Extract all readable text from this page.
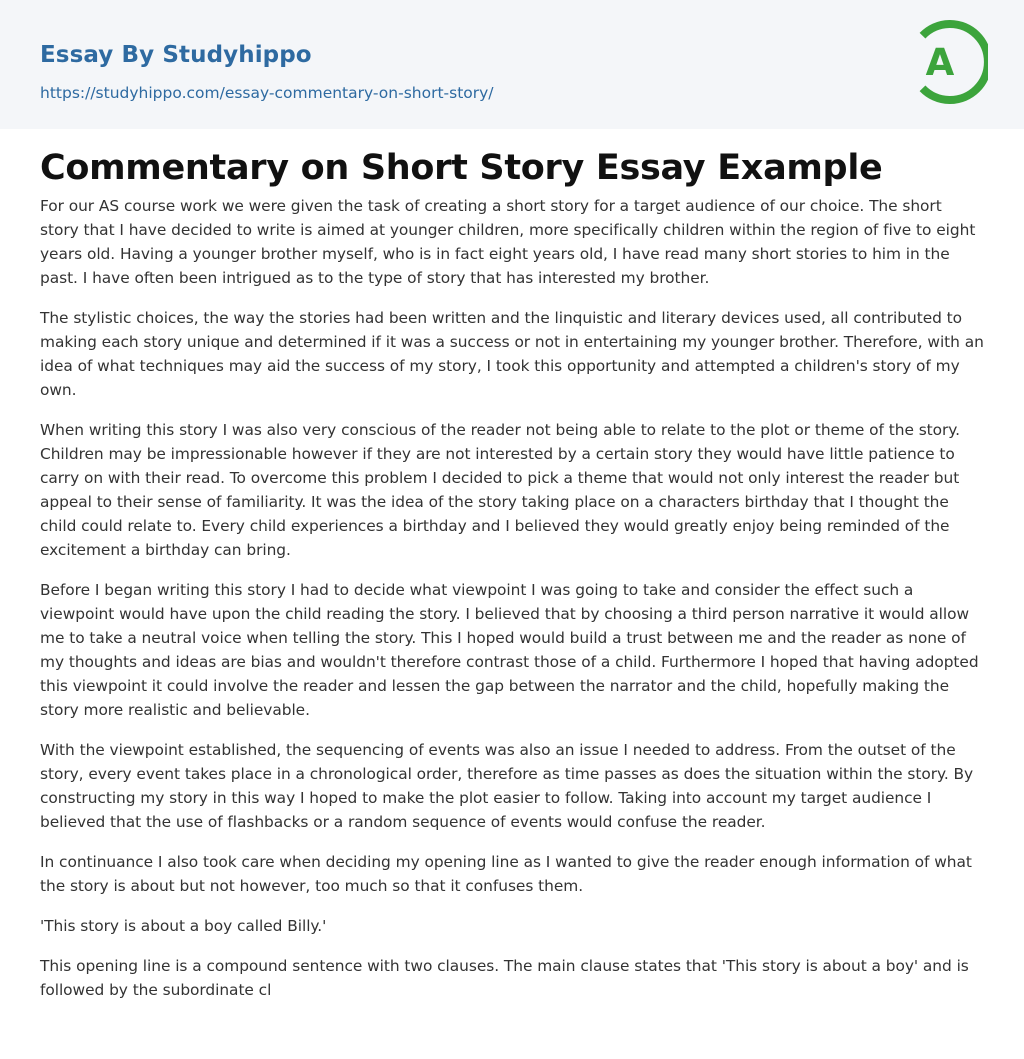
Essay By Studyhippo
https://studyhippo.com/essay-commentary-on-short-story/
A
Commentary on Short Story Essay Example

For our AS course work we were given the task of creating a short story for a target audience of our choice. The short story that I have decided to write is aimed at younger children, more specifically children within the region of five to eight years old. Having a younger brother myself, who is in fact eight years old, I have read many short stories to him in the past. I have often been intrigued as to the type of story that has interested my brother.

The stylistic choices, the way the stories had been written and the linquistic and literary devices used, all contributed to making each story unique and determined if it was a success or not in entertaining my younger brother. Therefore, with an idea of what techniques may aid the success of my story, I took this opportunity and attempted a children's story of my own.

When writing this story I was also very conscious of the reader not being able to relate to the plot or theme of the story. Children may be impressionable however if they are not interested by a certain story they would have little patience to carry on with their read. To overcome this problem I decided to pick a theme that would not only interest the reader but appeal to their sense of familiarity. It was the idea of the story taking place on a characters birthday that I thought the child could relate to. Every child experiences a birthday and I believed they would greatly enjoy being reminded of the excitement a birthday can bring.

Before I began writing this story I had to decide what viewpoint I was going to take and consider the effect such a viewpoint would have upon the child reading the story. I believed that by choosing a third person narrative it would allow me to take a neutral voice when telling the story. This I hoped would build a trust between me and the reader as none of my thoughts and ideas are bias and wouldn't therefore contrast those of a child. Furthermore I hoped that having adopted this viewpoint it could involve the reader and lessen the gap between the narrator and the child, hopefully making the story more realistic and believable.

With the viewpoint established, the sequencing of events was also an issue I needed to address. From the outset of the story, every event takes place in a chronological order, therefore as time passes as does the situation within the story. By constructing my story in this way I hoped to make the plot easier to follow. Taking into account my target audience I believed that the use of flashbacks or a random sequence of events would confuse the reader.

In continuance I also took care when deciding my opening line as I wanted to give the reader enough information of what the story is about but not however, too much so that it confuses them.

'This story is about a boy called Billy.'

This opening line is a compound sentence with two clauses. The main clause states that 'This story is about a boy' and is followed by the subordinate cl
